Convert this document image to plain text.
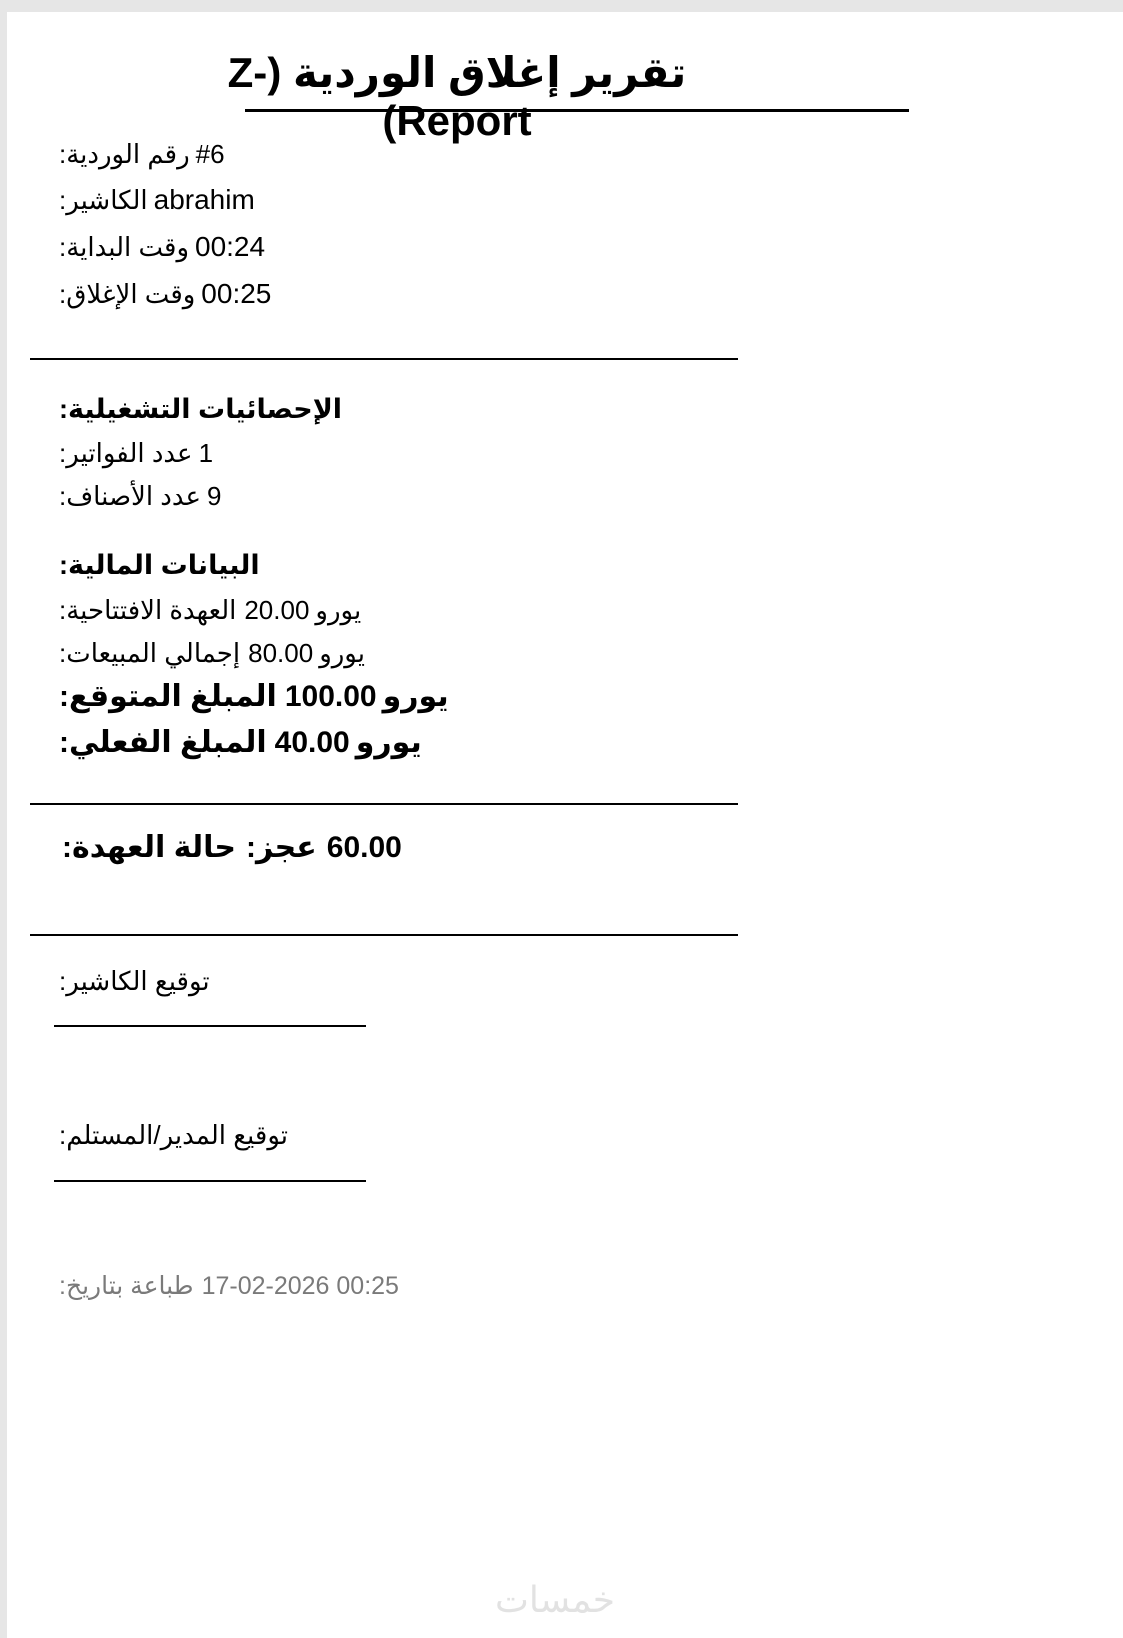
تقرير إغلاق الوردية (Z-Report)
رقم الوردية: #6
الكاشير: abrahim
وقت البداية: 00:24
وقت الإغلاق: 00:25
الإحصائيات التشغيلية:
عدد الفواتير: 1
عدد الأصناف: 9
البيانات المالية:
العهدة الافتتاحية: 20.00 يورو
إجمالي المبيعات: 80.00 يورو
المبلغ المتوقع: 100.00 يورو
المبلغ الفعلي: 40.00 يورو
حالة العهدة: عجز: 60.00
توقيع الكاشير:
توقيع المدير/المستلم:
طباعة بتاريخ: 17-02-2026 00:25
خمسات
